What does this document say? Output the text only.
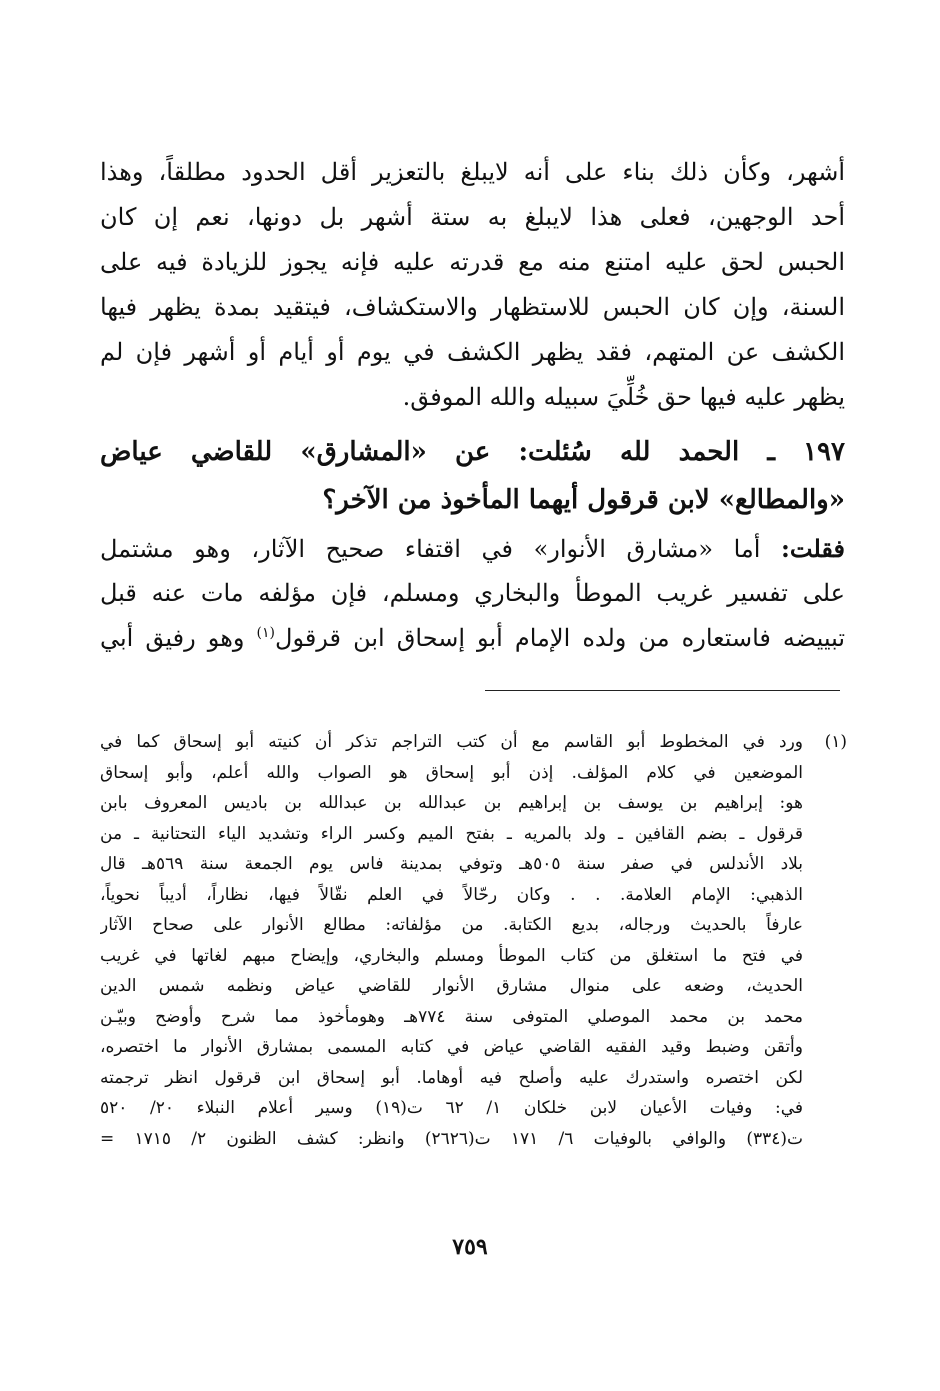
أشهر، وكأن ذلك بناء على أنه لايبلغ بالتعزير أقل الحدود مطلقاً، وهذا
أحد الوجهين، فعلى هذا لايبلغ به ستة أشهر بل دونها، نعم إن كان
الحبس لحق عليه امتنع منه مع قدرته عليه فإنه يجوز للزيادة فيه على
السنة، وإن كان الحبس للاستظهار والاستكشاف، فيتقيد بمدة يظهر فيها
الكشف عن المتهم، فقد يظهر الكشف في يوم أو أيام أو أشهر فإن لم
يظهر عليه فيها حق خُلِّيَ سبيله والله الموفق.
١٩٧ ـ الحمد لله سُئلت: عن «المشارق» للقاضي عياض
«والمطالع» لابن قرقول أيهما المأخوذ من الآخر؟
فقلت: أما «مشارق الأنوار» في اقتفاء صحيح الآثار، وهو مشتمل
على تفسير غريب الموطأ والبخاري ومسلم، فإن مؤلفه مات عنه قبل
تبييضه فاستعاره من ولده الإمام أبو إسحاق ابن قرقول$^{(١)}$ وهو رفيق أبي
(١)
ورد في المخطوط أبو القاسم مع أن كتب التراجم تذكر أن كنيته أبو إسحاق كما في
الموضعين في كلام المؤلف. إذن أبو إسحاق هو الصواب والله أعلم، وأبو إسحاق
هو: إبراهيم بن يوسف بن إبراهيم بن عبدالله بن عبدالله بن باديس المعروف بابن
قرقول ـ بضم القافين ـ ولد بالمريه ـ بفتح الميم وكسر الراء وتشديد الياء التحتانية ـ من
بلاد الأندلس في صفر سنة ٥٠٥هـ وتوفي بمدينة فاس يوم الجمعة سنة ٥٦٩هـ قال
الذهبي: الإمام العلامة. . . وكان رحّالاً في العلم نقّالاً فيها، نظاراً، أديباً نحوياً،
عارفاً بالحديث ورجاله، بديع الكتابة. من مؤلفاته: مطالع الأنوار على صحاح الآثار
في فتح ما استغلق من كتاب الموطأ ومسلم والبخاري، وإيضاح مبهم لغاتها في غريب
الحديث، وضعه على منوال مشارق الأنوار للقاضي عياض ونظمه شمس الدين
محمد بن محمد الموصلي المتوفى سنة ٧٧٤هـ وهومأخوذ مما شرح وأوضح وبيّـن
وأتقن وضبط وقيد الفقيه القاضي عياض في كتابه المسمى بمشارق الأنوار ما اختصره،
لكن اختصره واستدرك عليه وأصلح فيه أوهاما. أبو إسحاق ابن قرقول انظر ترجمته
في: وفيات الأعيان لابن خلكان ١/ ٦٢ ت(١٩) وسير أعلام النبلاء ٢٠/ ٥٢٠
ت(٣٣٤) والوافي بالوفيات ٦/ ١٧١ ت(٢٦٢٦) وانظر: كشف الظنون ٢/ ١٧١٥ =
٧٥٩
